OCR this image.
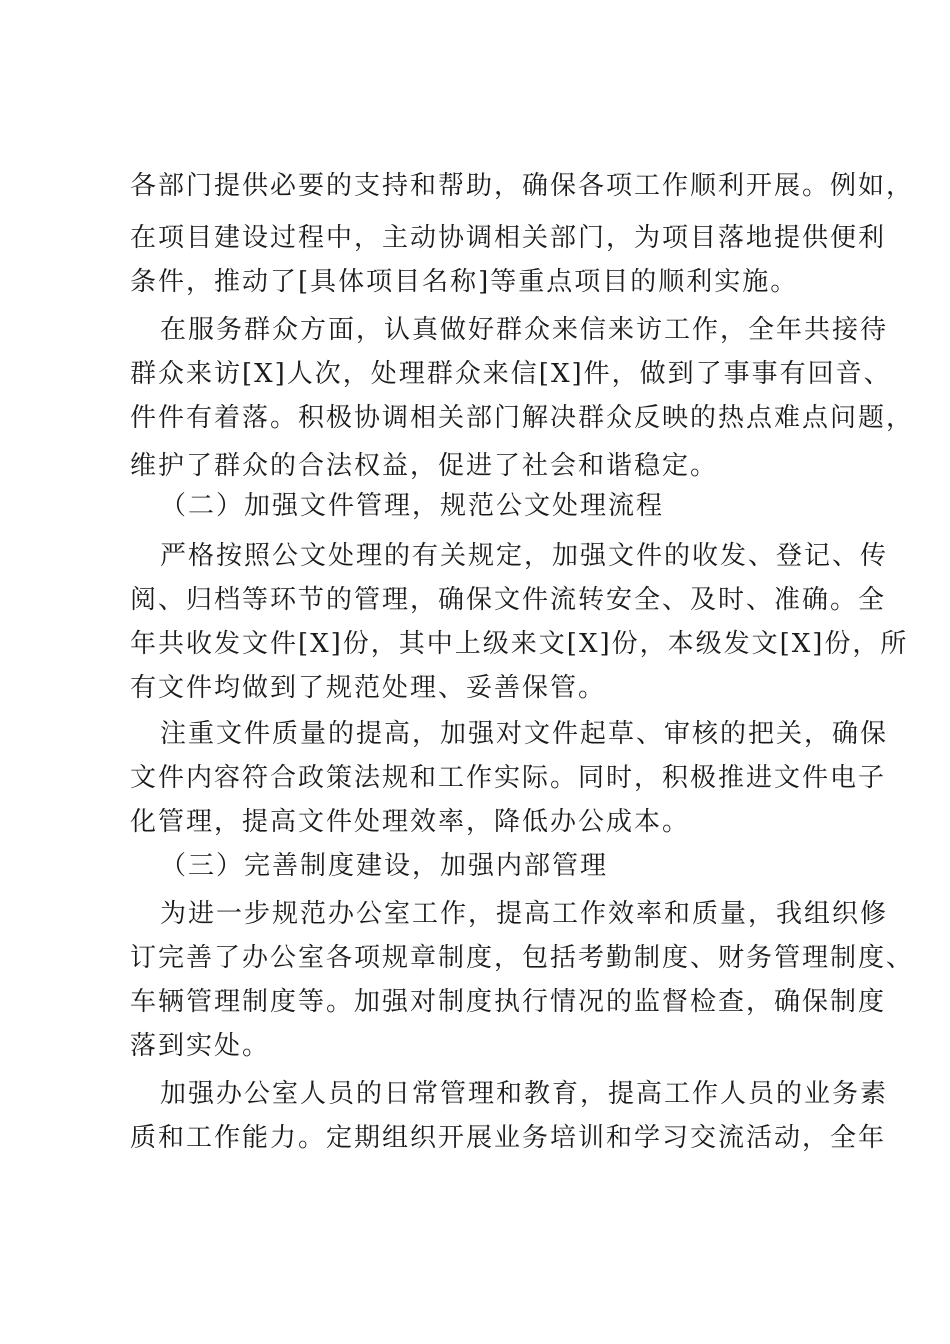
各部门提供必要的支持和帮助，确保各项工作顺利开展。例如，

在项目建设过程中，主动协调相关部门，为项目落地提供便利

条件，推动了[具体项目名称]等重点项目的顺利实施。

在服务群众方面，认真做好群众来信来访工作，全年共接待

群众来访[X]人次，处理群众来信[X]件，做到了事事有回音、

件件有着落。积极协调相关部门解决群众反映的热点难点问题，

维护了群众的合法权益，促进了社会和谐稳定。

（二）加强文件管理，规范公文处理流程

严格按照公文处理的有关规定，加强文件的收发、登记、传

阅、归档等环节的管理，确保文件流转安全、及时、准确。全

年共收发文件[X]份，其中上级来文[X]份，本级发文[X]份，所

有文件均做到了规范处理、妥善保管。

注重文件质量的提高，加强对文件起草、审核的把关，确保

文件内容符合政策法规和工作实际。同时，积极推进文件电子

化管理，提高文件处理效率，降低办公成本。

（三）完善制度建设，加强内部管理

为进一步规范办公室工作，提高工作效率和质量，我组织修

订完善了办公室各项规章制度，包括考勤制度、财务管理制度、

车辆管理制度等。加强对制度执行情况的监督检查，确保制度

落到实处。

加强办公室人员的日常管理和教育，提高工作人员的业务素

质和工作能力。定期组织开展业务培训和学习交流活动，全年
